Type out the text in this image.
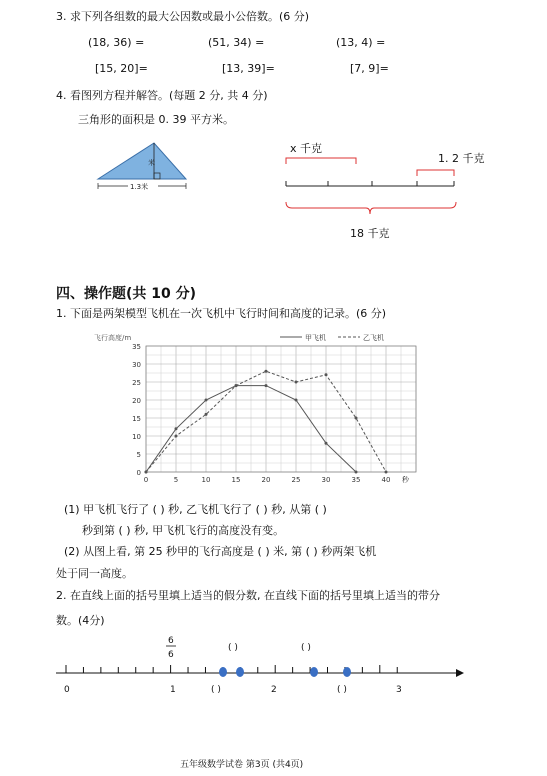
3. 求下列各组数的最大公因数或最小公倍数。(6 分)
(18, 36) =	(51, 34) =	(13, 4) =
[15, 20]=	[13, 39]=	[7, 9]=
4. 看图列方程并解答。(每题 2 分, 共 4 分)
三角形的面积是 0. 39 平方米。
米
1.3米
x 千克
1. 2 千克
18 千克
四、操作题(共 10 分)
1. 下面是两架模型飞机在一次飞机中飞行时间和高度的记录。(6 分)
飞行高度/m	甲飞机	乙飞机
0
5
10
15
20
25
30
35
0	5	10	15	20	25	30	35	40 秒
(1) 甲飞机飞行了 ( ) 秒, 乙飞机飞行了 ( ) 秒, 从第 ( )
秒到第 ( ) 秒, 甲飞机飞行的高度没有变。
(2) 从图上看, 第 25 秒甲的飞行高度是 ( ) 米, 第 ( ) 秒两架飞机
处于同一高度。
2. 在直线上面的括号里填上适当的假分数, 在直线下面的括号里填上适当的带分
数。(4分)
6
6
( )	( )
0	1	2	3
( )	( )
五年级数学试卷 第3页 (共4页)
